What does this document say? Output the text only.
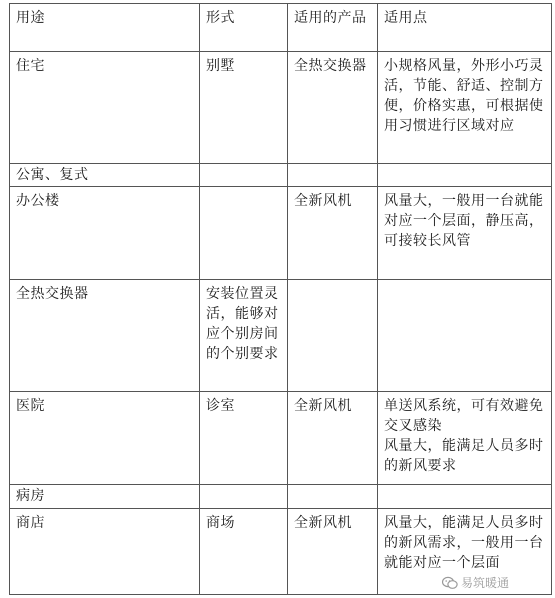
用途	形式	适用的产品	适用点
住宅	别墅	全热交换器	小规格风量，外形小巧灵活，节能、舒适、控制方便，价格实惠，可根据使用习惯进行区域对应
公寓、复式			
办公楼		全新风机	风量大，一般用一台就能对应一个层面，静压高，可接较长风管
全热交换器	安装位置灵活，能够对应个别房间的个别要求		
医院	诊室	全新风机	单送风系统，可有效避免交叉感染
风量大，能满足人员多时的新风要求
病房			
商店	商场	全新风机	风量大，能满足人员多时的新风需求，一般用一台就能对应一个层面
易筑暖通
